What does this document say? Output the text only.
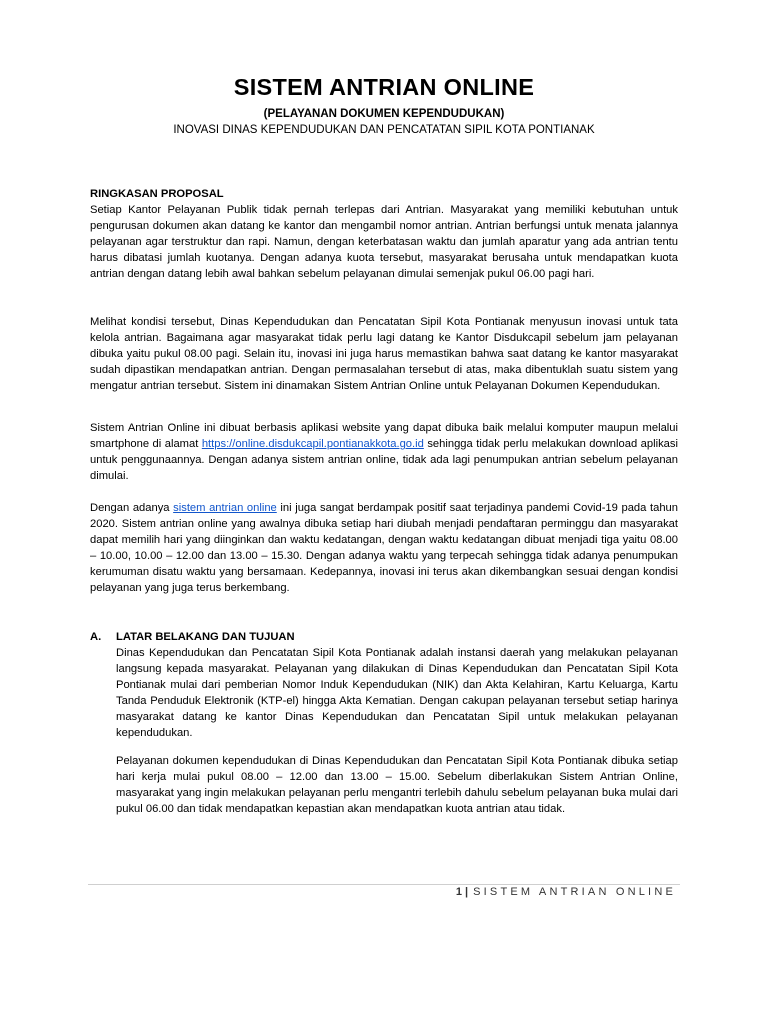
SISTEM ANTRIAN ONLINE
(PELAYANAN DOKUMEN KEPENDUDUKAN)
INOVASI DINAS KEPENDUDUKAN DAN PENCATATAN SIPIL KOTA PONTIANAK
RINGKASAN PROPOSAL

Setiap Kantor Pelayanan Publik tidak pernah terlepas dari Antrian. Masyarakat yang memiliki kebutuhan untuk pengurusan dokumen akan datang ke kantor dan mengambil nomor antrian. Antrian berfungsi untuk menata jalannya pelayanan agar terstruktur dan rapi. Namun, dengan keterbatasan waktu dan jumlah aparatur yang ada antrian tentu harus dibatasi jumlah kuotanya. Dengan adanya kuota tersebut, masyarakat berusaha untuk mendapatkan kuota antrian dengan datang lebih awal bahkan sebelum pelayanan dimulai semenjak pukul 06.00 pagi hari.

Melihat kondisi tersebut, Dinas Kependudukan dan Pencatatan Sipil Kota Pontianak menyusun inovasi untuk tata kelola antrian. Bagaimana agar masyarakat tidak perlu lagi datang ke Kantor Disdukcapil sebelum jam pelayanan dibuka yaitu pukul 08.00 pagi. Selain itu, inovasi ini juga harus memastikan bahwa saat datang ke kantor masyarakat sudah dipastikan mendapatkan antrian. Dengan permasalahan tersebut di atas, maka dibentuklah suatu sistem yang mengatur antrian tersebut. Sistem ini dinamakan Sistem Antrian Online untuk Pelayanan Dokumen Kependudukan.

Sistem Antrian Online ini dibuat berbasis aplikasi website yang dapat dibuka baik melalui komputer maupun melalui smartphone di alamat https://online.disdukcapil.pontianakkota.go.id sehingga tidak perlu melakukan download aplikasi untuk penggunaannya. Dengan adanya sistem antrian online, tidak ada lagi penumpukan antrian sebelum pelayanan dimulai.

Dengan adanya sistem antrian online ini juga sangat berdampak positif saat terjadinya pandemi Covid-19 pada tahun 2020. Sistem antrian online yang awalnya dibuka setiap hari diubah menjadi pendaftaran perminggu dan masyarakat dapat memilih hari yang diinginkan dan waktu kedatangan, dengan waktu kedatangan dibuat menjadi tiga yaitu 08.00 – 10.00, 10.00 – 12.00 dan 13.00 – 15.30. Dengan adanya waktu yang terpecah sehingga tidak adanya penumpukan kerumuman disatu waktu yang bersamaan. Kedepannya, inovasi ini terus akan dikembangkan sesuai dengan kondisi pelayanan yang juga terus berkembang.

A. LATAR BELAKANG DAN TUJUAN

Dinas Kependudukan dan Pencatatan Sipil Kota Pontianak adalah instansi daerah yang melakukan pelayanan langsung kepada masyarakat. Pelayanan yang dilakukan di Dinas Kependudukan dan Pencatatan Sipil Kota Pontianak mulai dari pemberian Nomor Induk Kependudukan (NIK) dan Akta Kelahiran, Kartu Keluarga, Kartu Tanda Penduduk Elektronik (KTP-el) hingga Akta Kematian. Dengan cakupan pelayanan tersebut setiap harinya masyarakat datang ke kantor Dinas Kependudukan dan Pencatatan Sipil untuk melakukan pelayanan kependudukan.

Pelayanan dokumen kependudukan di Dinas Kependudukan dan Pencatatan Sipil Kota Pontianak dibuka setiap hari kerja mulai pukul 08.00 – 12.00 dan 13.00 – 15.00. Sebelum diberlakukan Sistem Antrian Online, masyarakat yang ingin melakukan pelayanan perlu mengantri terlebih dahulu sebelum pelayanan buka mulai dari pukul 06.00 dan tidak mendapatkan kepastian akan mendapatkan kuota antrian atau tidak.

1 | SISTEM ANTRIAN ONLINE
